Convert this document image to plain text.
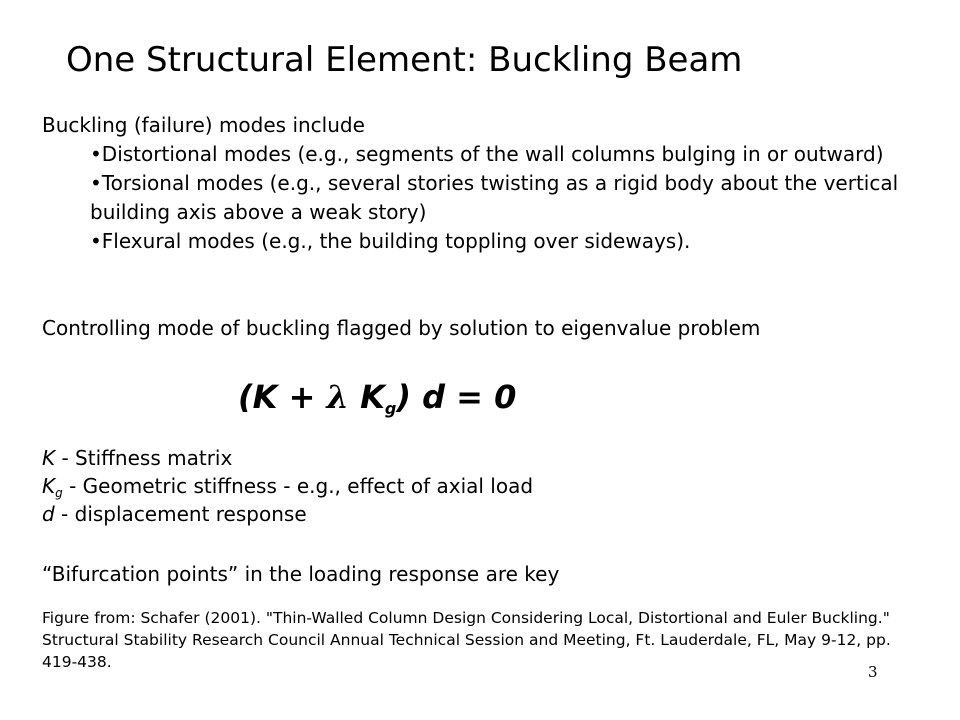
One Structural Element: Buckling Beam
Buckling (failure) modes include
•Distortional modes (e.g., segments of the wall columns bulging in or outward)
•Torsional modes (e.g., several stories twisting as a rigid body about the vertical building axis above a weak story)
•Flexural modes (e.g., the building toppling over sideways).
Controlling mode of buckling flagged by solution to eigenvalue problem
(K + λ $K_g$) d = 0
K - Stiffness matrix
$K_g$ - Geometric stiffness - e.g., effect of axial load
d - displacement response
“Bifurcation points” in the loading response are key
Figure from: Schafer (2001). "Thin-Walled Column Design Considering Local, Distortional and Euler Buckling." Structural Stability Research Council Annual Technical Session and Meeting, Ft. Lauderdale, FL, May 9-12, pp. 419-438.
3
